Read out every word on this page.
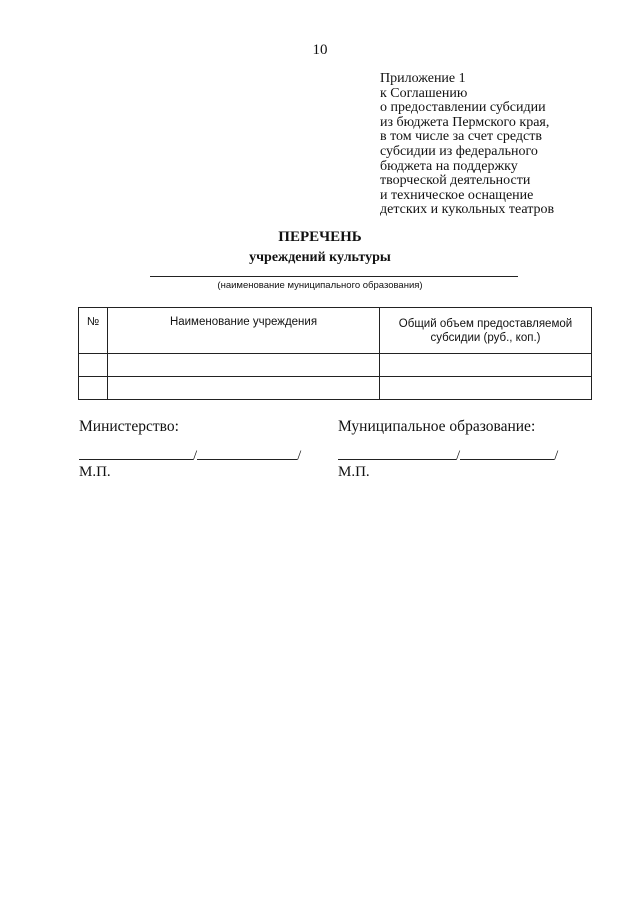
10
Приложение 1
к Соглашению
о предоставлении субсидии
из бюджета Пермского края,
в том числе за счет средств
субсидии из федерального
бюджета на поддержку
творческой деятельности
и техническое оснащение
детских и кукольных театров
ПЕРЕЧЕНЬ
учреждений культуры
(наименование муниципального образования)
№	Наименование учреждения	Общий объем предоставляемой
субсидии (руб., коп.)

Министерство:	Муниципальное образование:
/	/	/	/
М.П.	М.П.
